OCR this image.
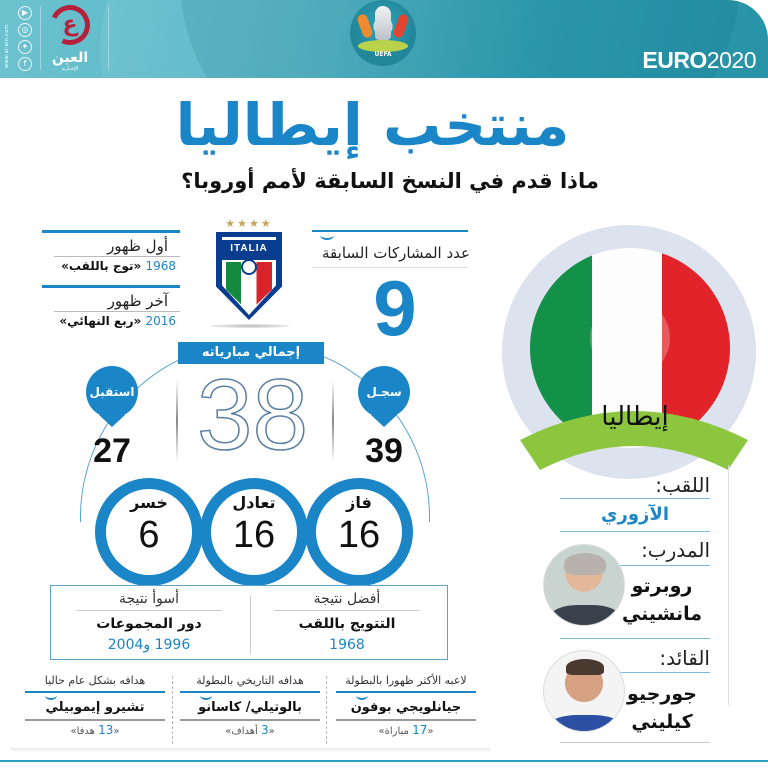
www.al-ain.com
▶
◎
✦
f
ع
العين
الإخبارية
UEFA	EURO2020
منتخب إيطاليا
ماذا قدم في النسخ السابقة لأمم أوروبا؟
أول ظهور
1968 «توج باللقب»
آخر ظهور
2016 «ربع النهائي»
★★★★
ITALIA	عدد المشاركات السابقة
9
إجمالي مبارياته
38	سجـل
39
استقبل
27
فاز
16
تعادل
16
خسر
6
أفضل نتيجة
التتويج باللقب
1968
أسوأ نتيجة
دور المجموعات
1996 و2004
لاعبه الأكثر ظهورا بالبطولة
جيانلويجي بوفون
«17 مباراة»
هدافه التاريخي بالبطولة
بالوتيلي/ كاسانو
«3 أهداف»
هدافه بشكل عام حاليا
تشيرو إيموبيلي
«13 هدفا»
إيطاليا
اللقب:
الآزوري
المدرب:
روبرتو
مانشيني
القائد:
جورجيو
كيليني
